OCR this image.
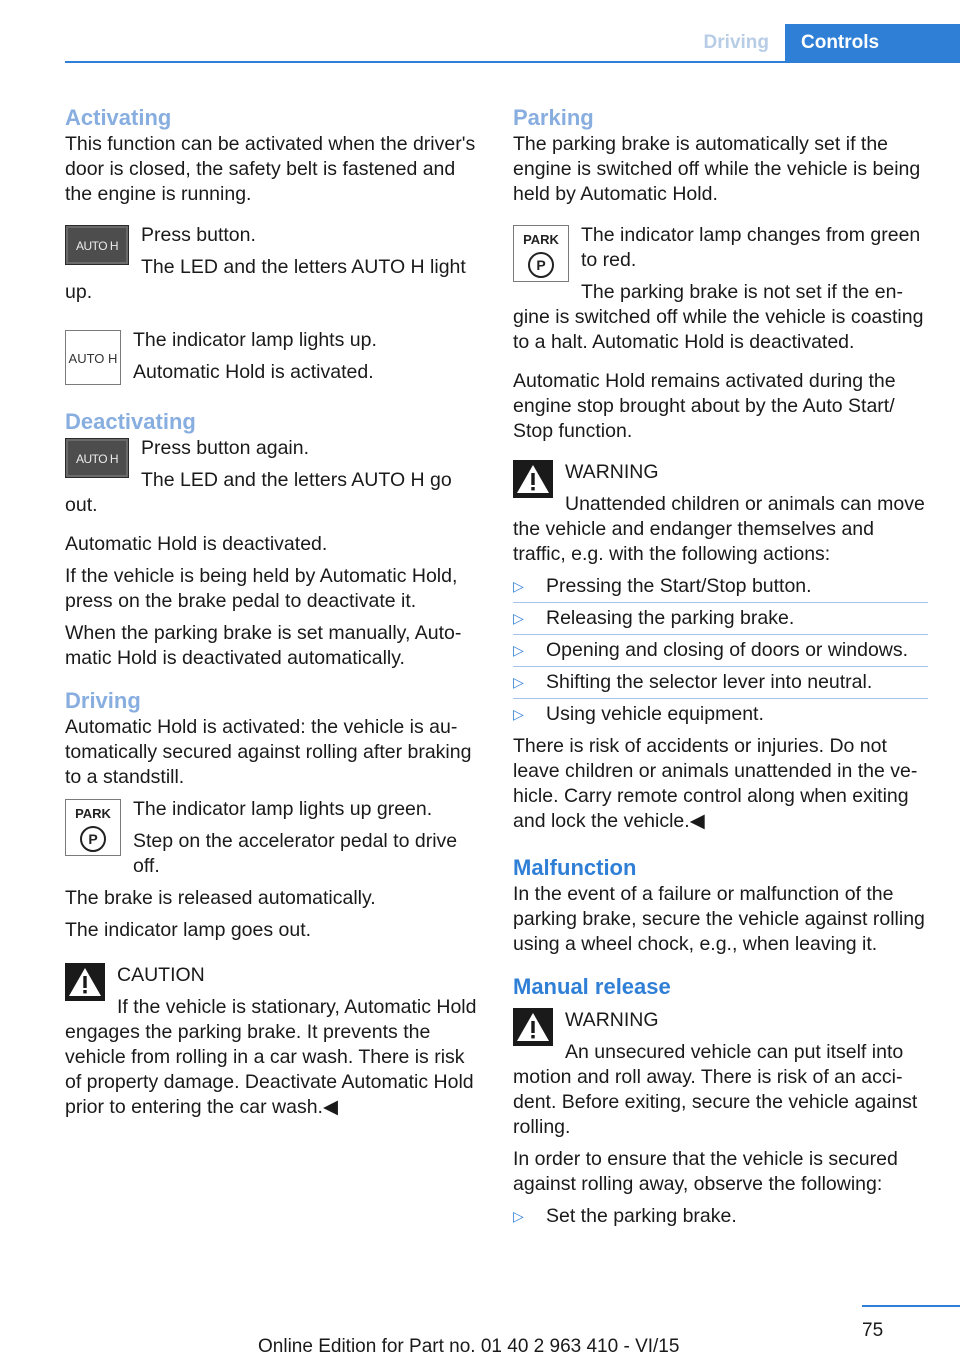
Driving	Controls
Activating

This function can be activated when the driver's door is closed, the safety belt is fastened and the engine is running.

AUTO H	Press button.

The LED and the letters AUTO H light up.

AUTO H

The indicator lamp lights up.

Automatic Hold is activated.

Deactivating
AUTO H	Press button again.

The LED and the letters AUTO H go out.

Automatic Hold is deactivated.

If the vehicle is being held by Automatic Hold, press on the brake pedal to deactivate it.

When the parking brake is set manually, Automatic Hold is deactivated automatically.

Driving

Automatic Hold is activated: the vehicle is automatically secured against rolling after braking to a standstill.

PARK
P

The indicator lamp lights up green.

Step on the accelerator pedal to drive off.

The brake is released automatically.

The indicator lamp goes out.

CAUTION

If the vehicle is stationary, Automatic Hold engages the parking brake. It prevents the vehicle from rolling in a car wash. There is risk of property damage. Deactivate Automatic Hold prior to entering the car wash.◀

Parking

The parking brake is automatically set if the engine is switched off while the vehicle is being held by Automatic Hold.

PARK
P

The indicator lamp changes from green to red.

The parking brake is not set if the engine is switched off while the vehicle is coasting to a halt. Automatic Hold is deactivated.

Automatic Hold remains activated during the engine stop brought about by the Auto Start/ Stop function.

WARNING

Unattended children or animals can move the vehicle and endanger themselves and traffic, e.g. with the following actions:

▷ Pressing the Start/Stop button.
▷ Releasing the parking brake.
▷ Opening and closing of doors or windows.
▷ Shifting the selector lever into neutral.
▷ Using vehicle equipment.

There is risk of accidents or injuries. Do not leave children or animals unattended in the vehicle. Carry remote control along when exiting and lock the vehicle.◀

Malfunction

In the event of a failure or malfunction of the parking brake, secure the vehicle against rolling using a wheel chock, e.g., when leaving it.

Manual release
WARNING

An unsecured vehicle can put itself into motion and roll away. There is risk of an accident. Before exiting, secure the vehicle against rolling.

In order to ensure that the vehicle is secured against rolling away, observe the following:

▷ Set the parking brake.
75
Online Edition for Part no. 01 40 2 963 410 - VI/15
